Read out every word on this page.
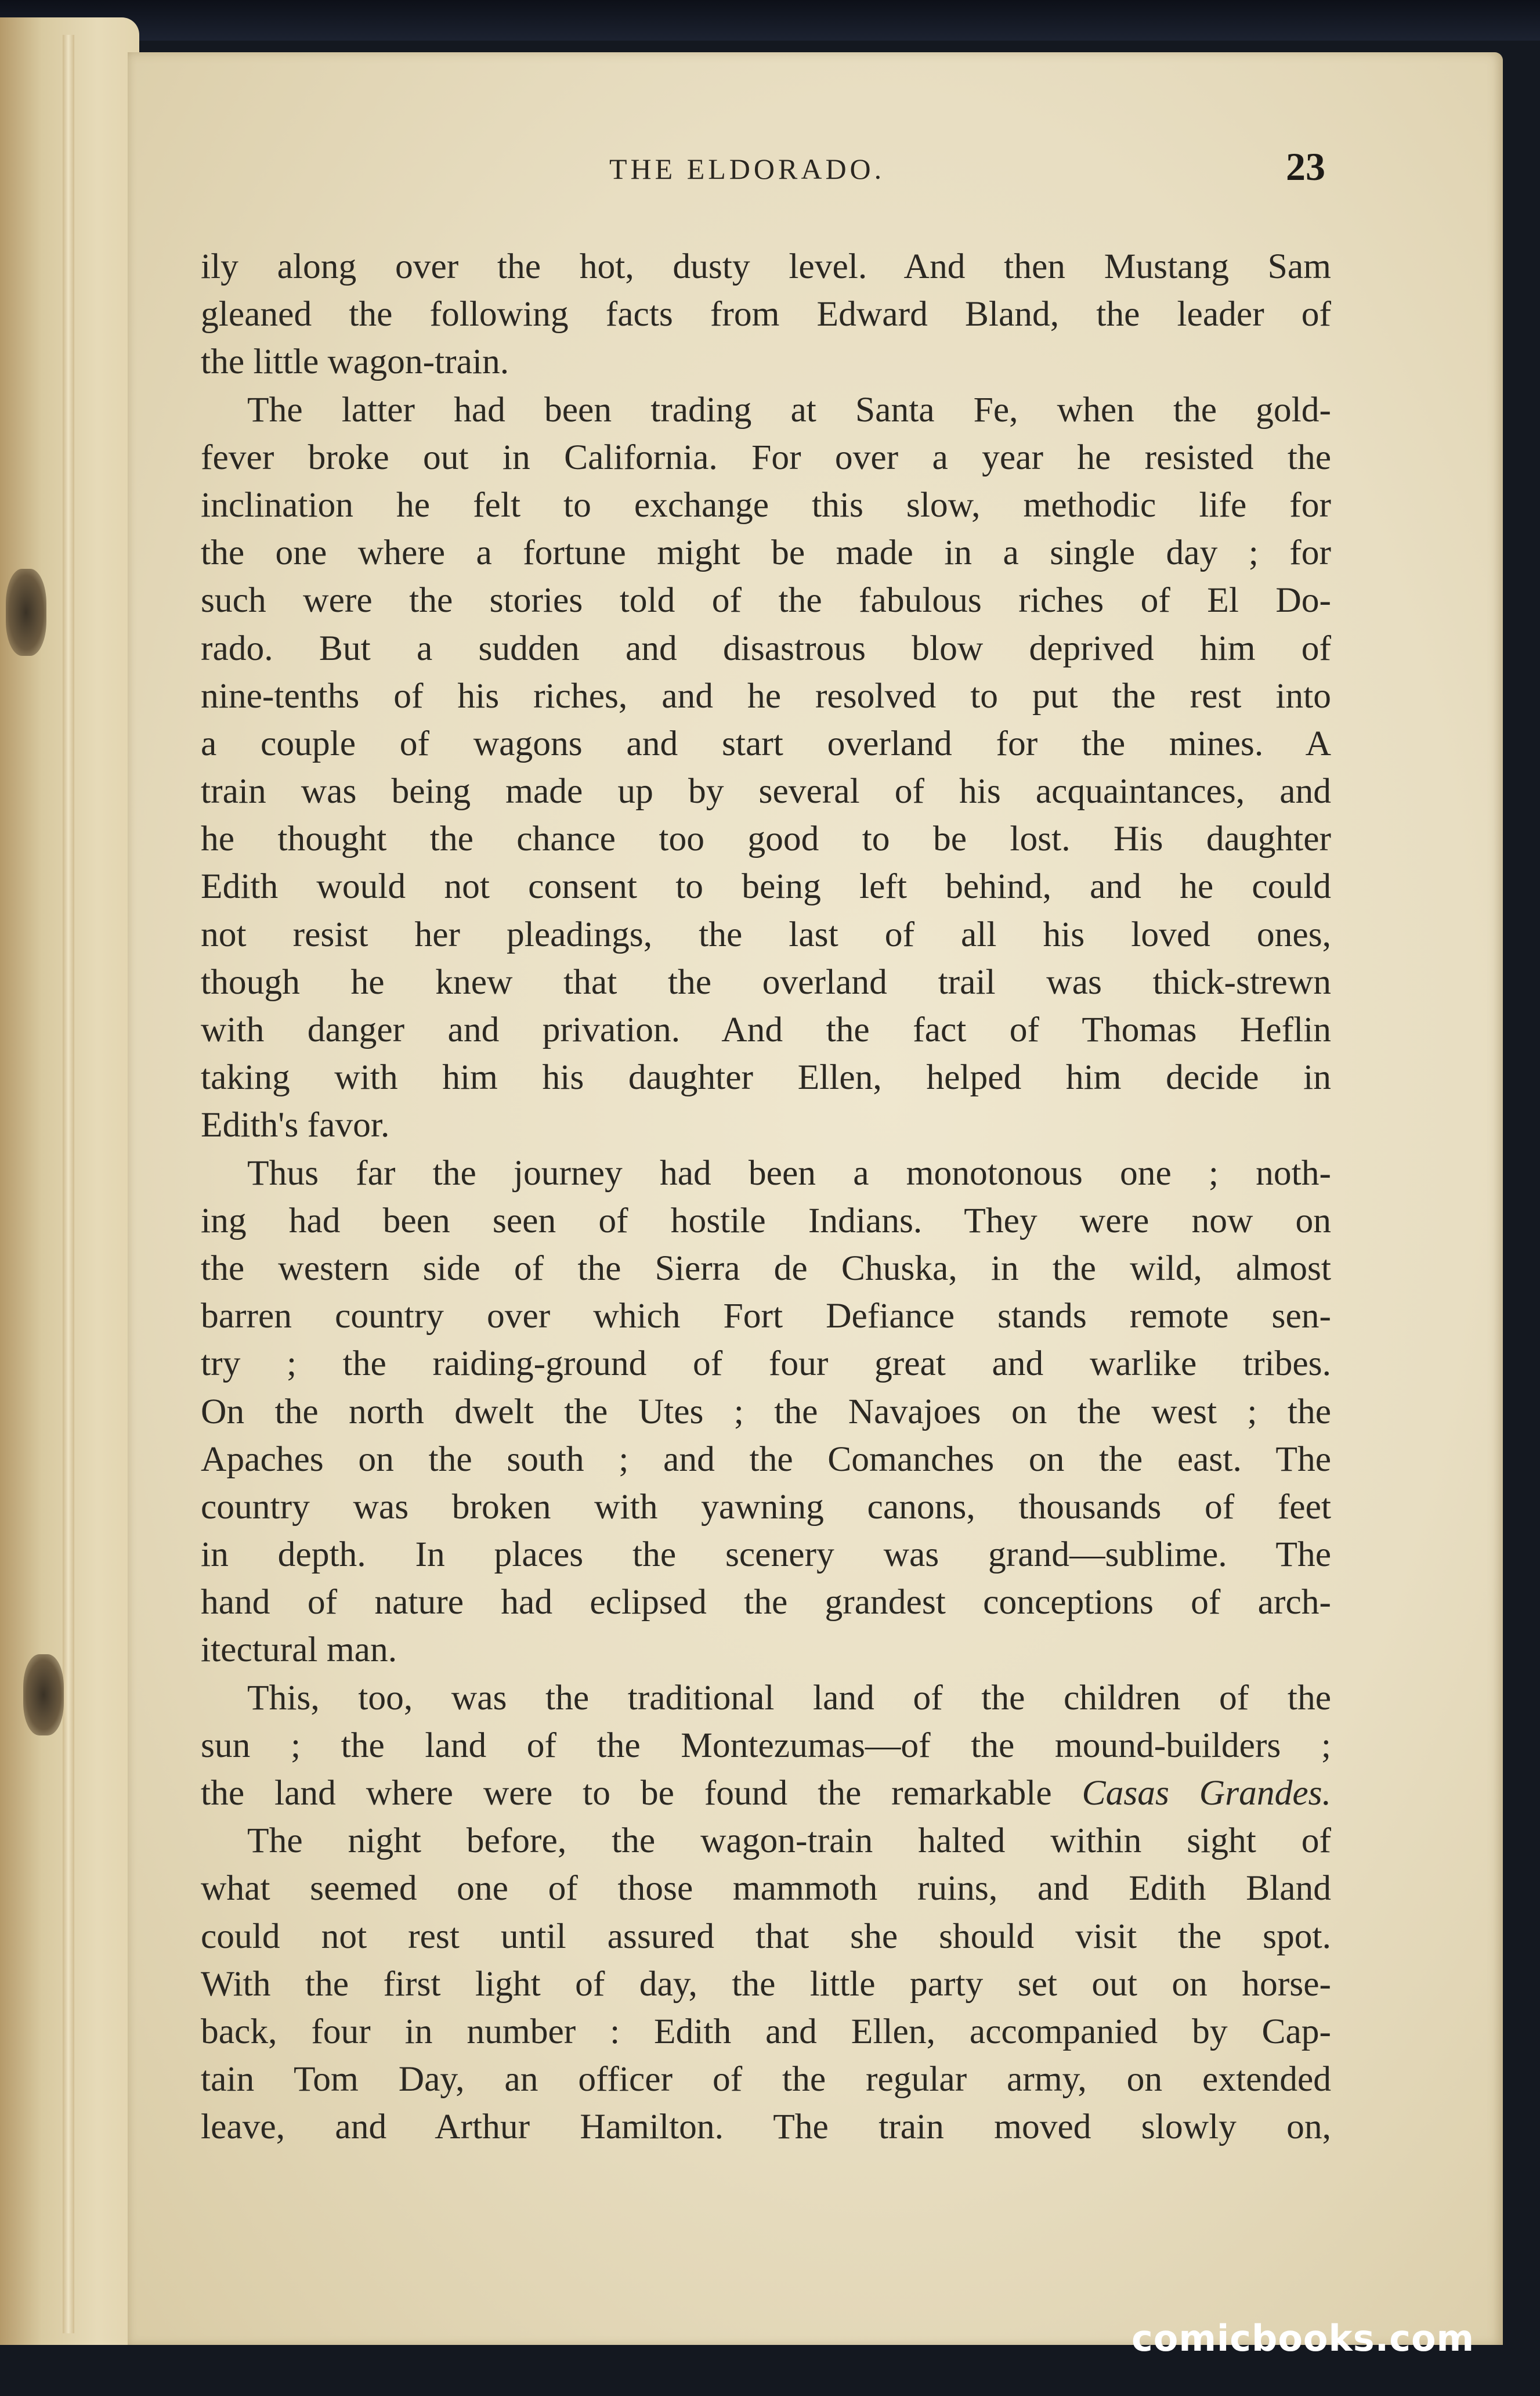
THE ELDORADO.	23
ily along over the hot, dusty level. And then Mustang Sam
gleaned the following facts from Edward Bland, the leader of
the little wagon-train.
The latter had been trading at Santa Fe, when the gold-
fever broke out in California. For over a year he resisted the
inclination he felt to exchange this slow, methodic life for
the one where a fortune might be made in a single day ; for
such were the stories told of the fabulous riches of El Do-
rado. But a sudden and disastrous blow deprived him of
nine-tenths of his riches, and he resolved to put the rest into
a couple of wagons and start overland for the mines. A
train was being made up by several of his acquaintances, and
he thought the chance too good to be lost. His daughter
Edith would not consent to being left behind, and he could
not resist her pleadings, the last of all his loved ones,
though he knew that the overland trail was thick-strewn
with danger and privation. And the fact of Thomas Heflin
taking with him his daughter Ellen, helped him decide in
Edith's favor.
Thus far the journey had been a monotonous one ; noth-
ing had been seen of hostile Indians. They were now on
the western side of the Sierra de Chuska, in the wild, almost
barren country over which Fort Defiance stands remote sen-
try ; the raiding-ground of four great and warlike tribes.
On the north dwelt the Utes ; the Navajoes on the west ; the
Apaches on the south ; and the Comanches on the east. The
country was broken with yawning canons, thousands of feet
in depth. In places the scenery was grand—sublime. The
hand of nature had eclipsed the grandest conceptions of arch-
itectural man.
This, too, was the traditional land of the children of the
sun ; the land of the Montezumas—of the mound-builders ;
the land where were to be found the remarkable Casas Grandes.
The night before, the wagon-train halted within sight of
what seemed one of those mammoth ruins, and Edith Bland
could not rest until assured that she should visit the spot.
With the first light of day, the little party set out on horse-
back, four in number : Edith and Ellen, accompanied by Cap-
tain Tom Day, an officer of the regular army, on extended
leave, and Arthur Hamilton. The train moved slowly on,
comicbooks.com
